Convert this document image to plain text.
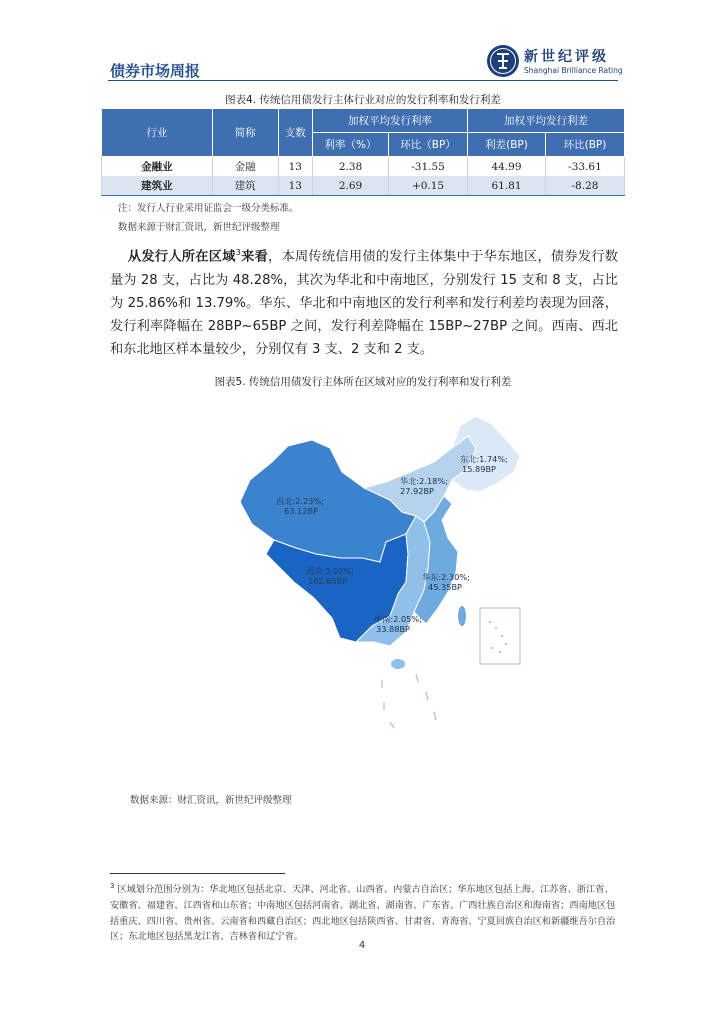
债券市场周报
新世纪评级
Shanghai Brilliance Rating
图表4. 传统信用债发行主体行业对应的发行利率和发行利差
行业	简称	支数	加权平均发行利率		加权平均发行利差	
			利率（%）	环比（BP）	利差(BP)	环比(BP)
金融业	金融	13	2.38	-31.55	44.99	-33.61
建筑业	建筑	13	2.69	+0.15	61.81	-8.28
注：发行人行业采用证监会一级分类标准。
数据来源于财汇资讯，新世纪评级整理
从发行人所在区域$^3$来看，本周传统信用债的发行主体集中于华东地区，债券发行数量为 28 支，占比为 48.28%，其次为华北和中南地区，分别发行 15 支和 8 支，占比为 25.86%和 13.79%。华东、华北和中南地区的发行利率和发行利差均表现为回落，发行利率降幅在 28BP~65BP 之间，发行利差降幅在 15BP~27BP 之间。西南、西北和东北地区样本量较少，分别仅有 3 支、2 支和 2 支。
图表5. 传统信用债发行主体所在区域对应的发行利率和发行利差
东北:1.74%;
15.89BP
华北:2.18%;
27.92BP
西北:2.23%;
63.12BP
西南:3.00%;
102.65BP	华东:2.30%;
45.35BP
中南:2.05%;
33.88BP
数据来源：财汇资讯，新世纪评级整理
$^3$ 区域划分范围分别为：华北地区包括北京、天津、河北省、山西省、内蒙古自治区；华东地区包括上海、江苏省、浙江省、安徽省、福建省、江西省和山东省；中南地区包括河南省、湖北省、湖南省、广东省、广西壮族自治区和海南省；西南地区包括重庆、四川省、贵州省、云南省和西藏自治区；西北地区包括陕西省、甘肃省、青海省、宁夏回族自治区和新疆维吾尔自治区；东北地区包括黑龙江省、吉林省和辽宁省。
4
